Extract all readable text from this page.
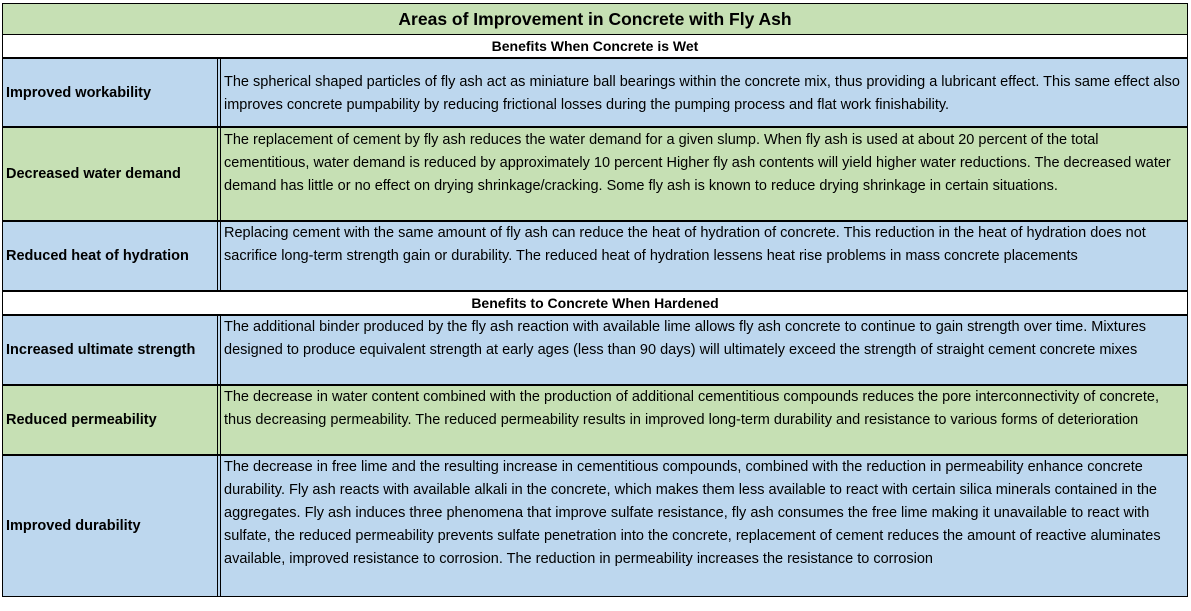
Areas of Improvement in Concrete with Fly Ash
Benefits When Concrete is Wet
Improved workability
The spherical shaped particles of fly ash act as miniature ball bearings within the concrete mix, thus providing a lubricant effect. This same effect also improves concrete pumpability by reducing frictional losses during the pumping process and flat work finishability.
Decreased water demand
The replacement of cement by fly ash reduces the water demand for a given slump. When fly ash is used at about 20 percent of the total cementitious, water demand is reduced by approximately 10 percent Higher fly ash contents will yield higher water reductions. The decreased water demand has little or no effect on drying shrinkage/cracking. Some fly ash is known to reduce drying shrinkage in certain situations.
Reduced heat of hydration
Replacing cement with the same amount of fly ash can reduce the heat of hydration of concrete. This reduction in the heat of hydration does not sacrifice long-term strength gain or durability. The reduced heat of hydration lessens heat rise problems in mass concrete placements
Benefits to Concrete When Hardened
Increased ultimate strength
The additional binder produced by the fly ash reaction with available lime allows fly ash concrete to continue to gain strength over time. Mixtures designed to produce equivalent strength at early ages (less than 90 days) will ultimately exceed the strength of straight cement concrete mixes
Reduced permeability
The decrease in water content combined with the production of additional cementitious compounds reduces the pore interconnectivity of concrete, thus decreasing permeability. The reduced permeability results in improved long-term durability and resistance to various forms of deterioration
Improved durability
The decrease in free lime and the resulting increase in cementitious compounds, combined with the reduction in permeability enhance concrete durability. Fly ash reacts with available alkali in the concrete, which makes them less available to react with certain silica minerals contained in the aggregates. Fly ash induces three phenomena that improve sulfate resistance, fly ash consumes the free lime making it unavailable to react with sulfate, the reduced permeability prevents sulfate penetration into the concrete, replacement of cement reduces the amount of reactive aluminates available, improved resistance to corrosion. The reduction in permeability increases the resistance to corrosion
